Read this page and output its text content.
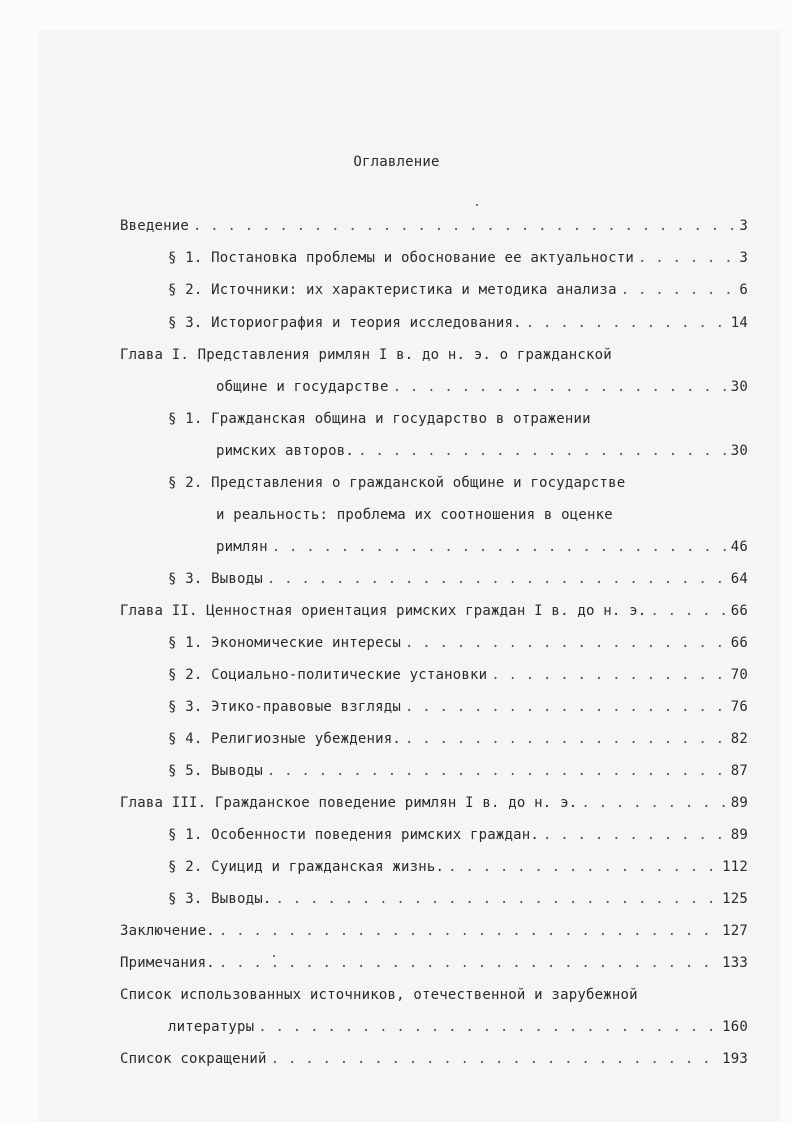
Оглавление
Введение . . .	3
§ 1. Постановка проблемы и обоснование ее актуальности . . .	3
§ 2. Источники: их характеристика и методика анализа . . .	6
§ 3. Историография и теория исследования. . . .	14
Глава I. Представления римлян I в. до н. э. о гражданской
общине и государстве . . .	30
§ 1. Гражданская община и государство в отражении
римских авторов. . . .	30
§ 2. Представления о гражданской общине и государстве
и реальность: проблема их соотношения в оценке
римлян . . .	46
§ 3. Выводы . . .	64
Глава II. Ценностная ориентация римских граждан I в. до н. э. . . .	66
§ 1. Экономические интересы . . .	66
§ 2. Социально-политические установки . . .	70
§ 3. Этико-правовые взгляды . . .	76
§ 4. Религиозные убеждения. . . .	82
§ 5. Выводы . . .	87
Глава III. Гражданское поведение римлян I в. до н. э. . . .	89
§ 1. Особенности поведения римских граждан. . . .	89
§ 2. Суицид и гражданская жизнь. . . .	112
§ 3. Выводы. . . .	125
Заключение. . . .	127
Примечания. . . .	133
Список использованных источников, отечественной и зарубежной
литературы . . .	160
Список сокращений . . .	193
